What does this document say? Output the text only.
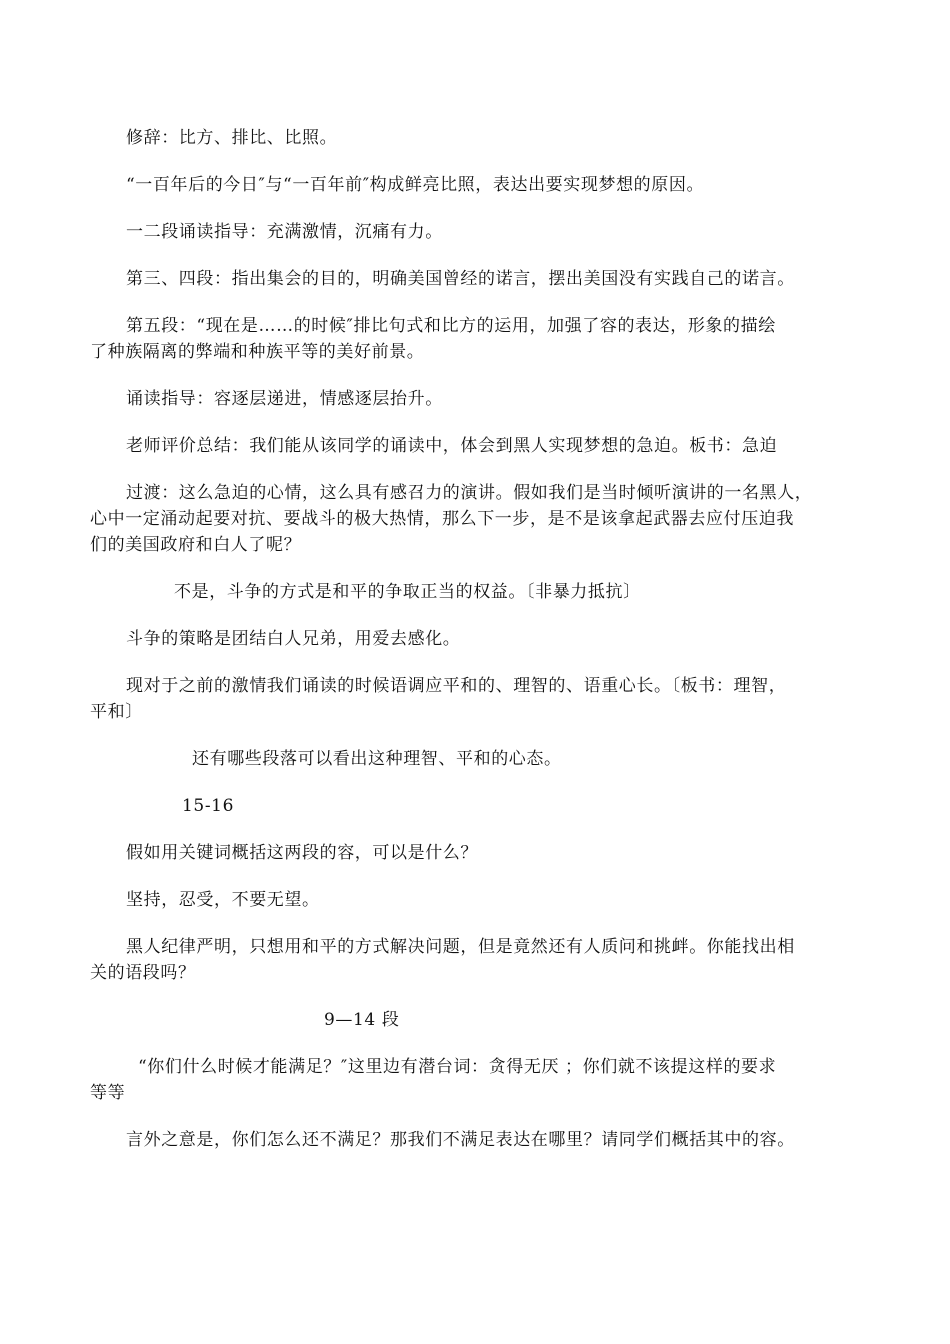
修辞：比方、排比、比照。
“一百年后的今日″与“一百年前″构成鲜亮比照，表达出要实现梦想的原因。
一二段诵读指导：充满激情，沉痛有力。
第三、四段：指出集会的目的，明确美国曾经的诺言，摆出美国没有实践自己的诺言。
第五段：“现在是……的时候″排比句式和比方的运用，加强了容的表达，形象的描绘
了种族隔离的弊端和种族平等的美好前景。
诵读指导：容逐层递进，情感逐层抬升。
老师评价总结：我们能从该同学的诵读中，体会到黑人实现梦想的急迫。板书：急迫
过渡：这么急迫的心情，这么具有感召力的演讲。假如我们是当时倾听演讲的一名黑人，
心中一定涌动起要对抗、要战斗的极大热情，那么下一步，是不是该拿起武器去应付压迫我
们的美国政府和白人了呢？
不是，斗争的方式是和平的争取正当的权益。〔非暴力抵抗〕
斗争的策略是团结白人兄弟，用爱去感化。
现对于之前的激情我们诵读的时候语调应平和的、理智的、语重心长。〔板书：理智，
平和〕
还有哪些段落可以看出这种理智、平和的心态。
15-16
假如用关键词概括这两段的容，可以是什么？
坚持，忍受，不要无望。
黑人纪律严明，只想用和平的方式解决问题，但是竟然还有人质问和挑衅。你能找出相
关的语段吗？
9—14 段
“你们什么时候才能满足？″这里边有潜台词：贪得无厌 ；你们就不该提这样的要求
等等
言外之意是，你们怎么还不满足？那我们不满足表达在哪里？请同学们概括其中的容。
